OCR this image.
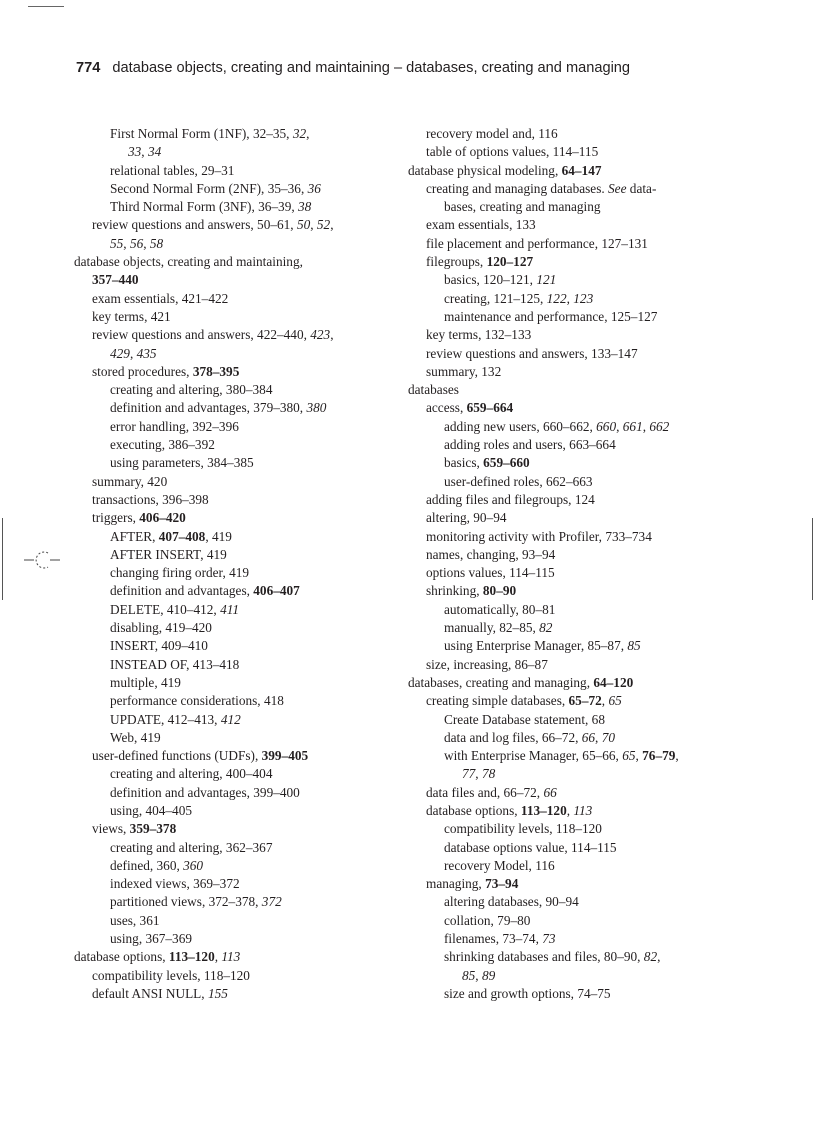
774 database objects, creating and maintaining – databases, creating and managing
First Normal Form (1NF), 32–35, 32,
33, 34
relational tables, 29–31
Second Normal Form (2NF), 35–36, 36
Third Normal Form (3NF), 36–39, 38
review questions and answers, 50–61, 50, 52,
55, 56, 58
database objects, creating and maintaining,
357–440
exam essentials, 421–422
key terms, 421
review questions and answers, 422–440, 423,
429, 435
stored procedures, 378–395
creating and altering, 380–384
definition and advantages, 379–380, 380
error handling, 392–396
executing, 386–392
using parameters, 384–385
summary, 420
transactions, 396–398
triggers, 406–420
AFTER, 407–408, 419
AFTER INSERT, 419
changing firing order, 419
definition and advantages, 406–407
DELETE, 410–412, 411
disabling, 419–420
INSERT, 409–410
INSTEAD OF, 413–418
multiple, 419
performance considerations, 418
UPDATE, 412–413, 412
Web, 419
user-defined functions (UDFs), 399–405
creating and altering, 400–404
definition and advantages, 399–400
using, 404–405
views, 359–378
creating and altering, 362–367
defined, 360, 360
indexed views, 369–372
partitioned views, 372–378, 372
uses, 361
using, 367–369
database options, 113–120, 113
compatibility levels, 118–120
default ANSI NULL, 155
recovery model and, 116
table of options values, 114–115
database physical modeling, 64–147
creating and managing databases. See data-
bases, creating and managing
exam essentials, 133
file placement and performance, 127–131
filegroups, 120–127
basics, 120–121, 121
creating, 121–125, 122, 123
maintenance and performance, 125–127
key terms, 132–133
review questions and answers, 133–147
summary, 132
databases
access, 659–664
adding new users, 660–662, 660, 661, 662
adding roles and users, 663–664
basics, 659–660
user-defined roles, 662–663
adding files and filegroups, 124
altering, 90–94
monitoring activity with Profiler, 733–734
names, changing, 93–94
options values, 114–115
shrinking, 80–90
automatically, 80–81
manually, 82–85, 82
using Enterprise Manager, 85–87, 85
size, increasing, 86–87
databases, creating and managing, 64–120
creating simple databases, 65–72, 65
Create Database statement, 68
data and log files, 66–72, 66, 70
with Enterprise Manager, 65–66, 65, 76–79,
77, 78
data files and, 66–72, 66
database options, 113–120, 113
compatibility levels, 118–120
database options value, 114–115
recovery Model, 116
managing, 73–94
altering databases, 90–94
collation, 79–80
filenames, 73–74, 73
shrinking databases and files, 80–90, 82,
85, 89
size and growth options, 74–75
